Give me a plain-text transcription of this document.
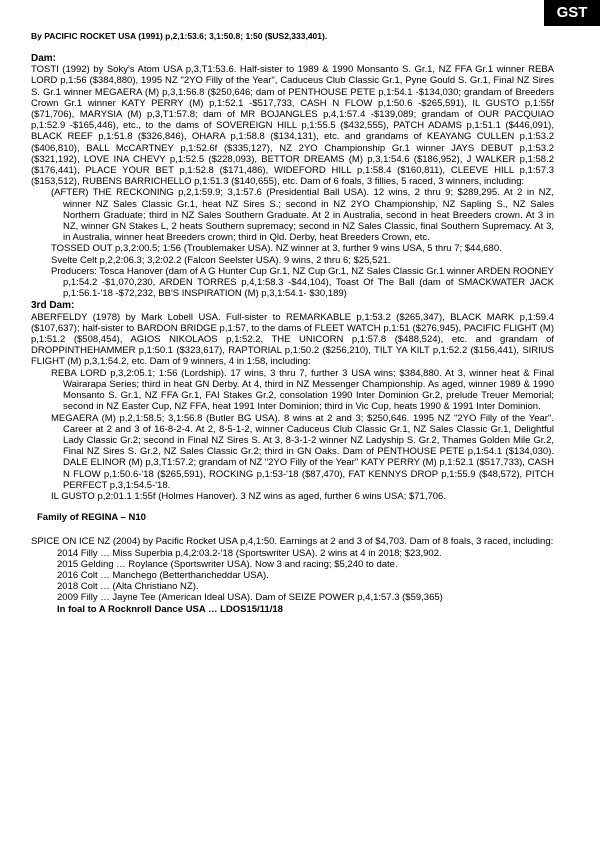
GST
By PACIFIC ROCKET USA (1991) p,2,1:53.6; 3,1:50.8; 1:50 ($US2,333,401).
Dam:

TOSTI (1992) by Soky's Atom USA p,3,T1:53.6. Half-sister to 1989 & 1990 Monsanto S. Gr.1, NZ FFA Gr.1 winner REBA LORD p,1:56 ($384,880), 1995 NZ "2YO Filly of the Year", Caduceus Club Classic Gr.1, Pyne Gould S. Gr.1, Final NZ Sires S. Gr.1 winner MEGAERA (M) p,3,1:56.8 ($250,646; dam of PENTHOUSE PETE p,1:54.1 -$134,030; grandam of Breeders Crown Gr.1 winner KATY PERRY (M) p,1:52.1 -$517,733, CASH N FLOW p,1:50.6 -$265,591), IL GUSTO p,1:55f ($71,706), MARYSIA (M) p,3,T1:57.8; dam of MR BOJANGLES p,4,1:57.4 -$139,089; grandam of OUR PACQUIAO p,1:52.9 -$165,446), etc., to the dams of SOVEREIGN HILL p,1:55.5 ($432,555), PATCH ADAMS p,1:51.1 ($446,091), BLACK REEF p,1:51.8 ($326,846), OHARA p,1:58.8 ($134,131), etc. and grandams of KEAYANG CULLEN p,1:53.2 ($406,810), BALL McCARTNEY p,1:52.6f ($335,127), NZ 2YO Championship Gr.1 winner JAYS DEBUT p,1:53.2 ($321,192), LOVE INA CHEVY p,1:52.5 ($228,093), BETTOR DREAMS (M) p,3,1:54.6 ($186,952), J WALKER p,1:58.2 ($176,441), PLACE YOUR BET p,1:52.8 ($171,486), WIDEFORD HILL p,1:58.4 ($160,811), CLEEVE HILL p,1:57.3 ($153,512), RUBENS BARRICHELLO p,1:51.3 ($140,655), etc. Dam of 6 foals, 3 fillies, 5 raced, 3 winners, including:

(AFTER) THE RECKONING p,2,1:59.9; 3,1:57.6 (Presidential Ball USA). 12 wins, 2 thru 9; $289,295. At 2 in NZ, winner NZ Sales Classic Gr.1, heat NZ Sires S.; second in NZ 2YO Championship, NZ Sapling S., NZ Sales Northern Graduate; third in NZ Sales Southern Graduate. At 2 in Australia, second in heat Breeders crown. At 3 in NZ, winner GN Stakes L, 2 heats Southern supremacy; second in NZ Sales Classic, final Southern Supremacy. At 3, in Australia, winner heat Breeders crown; third in Qld. Derby, heat Breeders Crown, etc.

TOSSED OUT p,3,2:00.5; 1:56 (Troublemaker USA). NZ winner at 3, further 9 wins USA, 5 thru 7; $44,680.

Svelte Celt p,2,2:06.3; 3,2:02.2 (Falcon Seelster USA). 9 wins, 2 thru 6; $25,521.

Producers: Tosca Hanover (dam of A G Hunter Cup Gr.1, NZ Cup Gr.1, NZ Sales Classic Gr.1 winner ARDEN ROONEY p,1:54.2 -$1,070,230, ARDEN TORRES p,4,1:58.3 -$44,104), Toast Of The Ball (dam of SMACKWATER JACK p,1:56.1-'18 -$72,232, BB'S INSPIRATION (M) p,3,1:54.1- $30,189)

3rd Dam:

ABERFELDY (1978) by Mark Lobell USA. Full-sister to REMARKABLE p,1:53.2 ($265,347), BLACK MARK p,1:59.4 ($107,637); half-sister to BARDON BRIDGE p,1:57, to the dams of FLEET WATCH p,1:51 ($276,945), PACIFIC FLIGHT (M) p,1:51.2 ($508,454), AGIOS NIKOLAOS p,1:52.2, THE UNICORN p,1:57.8 ($488,524), etc. and grandam of DROPPINTHEHAMMER p,1:50.1 ($323,617), RAPTORIAL p,1:50.2 ($256,210), TILT YA KILT p,1:52.2 ($156,441), SIRIUS FLIGHT (M) p,3,1:54.2, etc. Dam of 9 winners, 4 in 1:58, including:

REBA LORD p,3,2:05.1; 1:56 (Lordship). 17 wins, 3 thru 7, further 3 USA wins; $384,880. At 3, winner heat & Final Wairarapa Series; third in heat GN Derby. At 4, third in NZ Messenger Championship. As aged, winner 1989 & 1990 Monsanto S. Gr.1, NZ FFA Gr.1, FAI Stakes Gr.2, consolation 1990 Inter Dominion Gr.2, prelude Treuer Memorial; second in NZ Easter Cup, NZ FFA, heat 1991 Inter Dominion; third in Vic Cup, heats 1990 & 1991 Inter Dominion.

MEGAERA (M) p,2,1:58.5; 3,1:56.8 (Butler BG USA). 8 wins at 2 and 3; $250,646. 1995 NZ "2YO Filly of the Year". Career at 2 and 3 of 16-8-2-4. At 2, 8-5-1-2, winner Caduceus Club Classic Gr.1, NZ Sales Classic Gr.1, Delightful Lady Classic Gr.2; second in Final NZ Sires S. At 3, 8-3-1-2 winner NZ Ladyship S. Gr.2, Thames Golden Mile Gr.2, Final NZ Sires S. Gr.2, NZ Sales Classic Gr.2; third in GN Oaks. Dam of PENTHOUSE PETE p,1:54.1 ($134,030). DALE ELINOR (M) p,3,T1:57.2; grandam of NZ "2YO Filly of the Year" KATY PERRY (M) p,1:52.1 ($517,733), CASH N FLOW p,1:50.6-'18 ($265,591), ROCKING p,1:53-'18 ($87,470), FAT KENNYS DROP p,1:55.9 ($48,572), PITCH PERFECT p,3,1:54.5-'18.

IL GUSTO p,2:01.1 1:55f (Holmes Hanover). 3 NZ wins as aged, further 6 wins USA; $71,706.

Family of REGINA – N10

SPICE ON ICE NZ (2004) by Pacific Rocket USA p,4,1:50. Earnings at 2 and 3 of $4,703. Dam of 8 foals, 3 raced, including:

2014 Filly … Miss Superbia p,4,2:03.2-'18 (Sportswriter USA). 2 wins at 4 in 2018; $23,902.
2015 Gelding … Roylance (Sportswriter USA). Now 3 and racing; $5,240 to date.
2016 Colt … Manchego (Betterthancheddar USA).
2018 Colt … (Alta Christiano NZ).
2009 Filly … Jayne Tee (American Ideal USA). Dam of SEIZE POWER p,4,1:57.3 ($59,365)
In foal to A Rocknroll Dance USA … LDOS15/11/18
